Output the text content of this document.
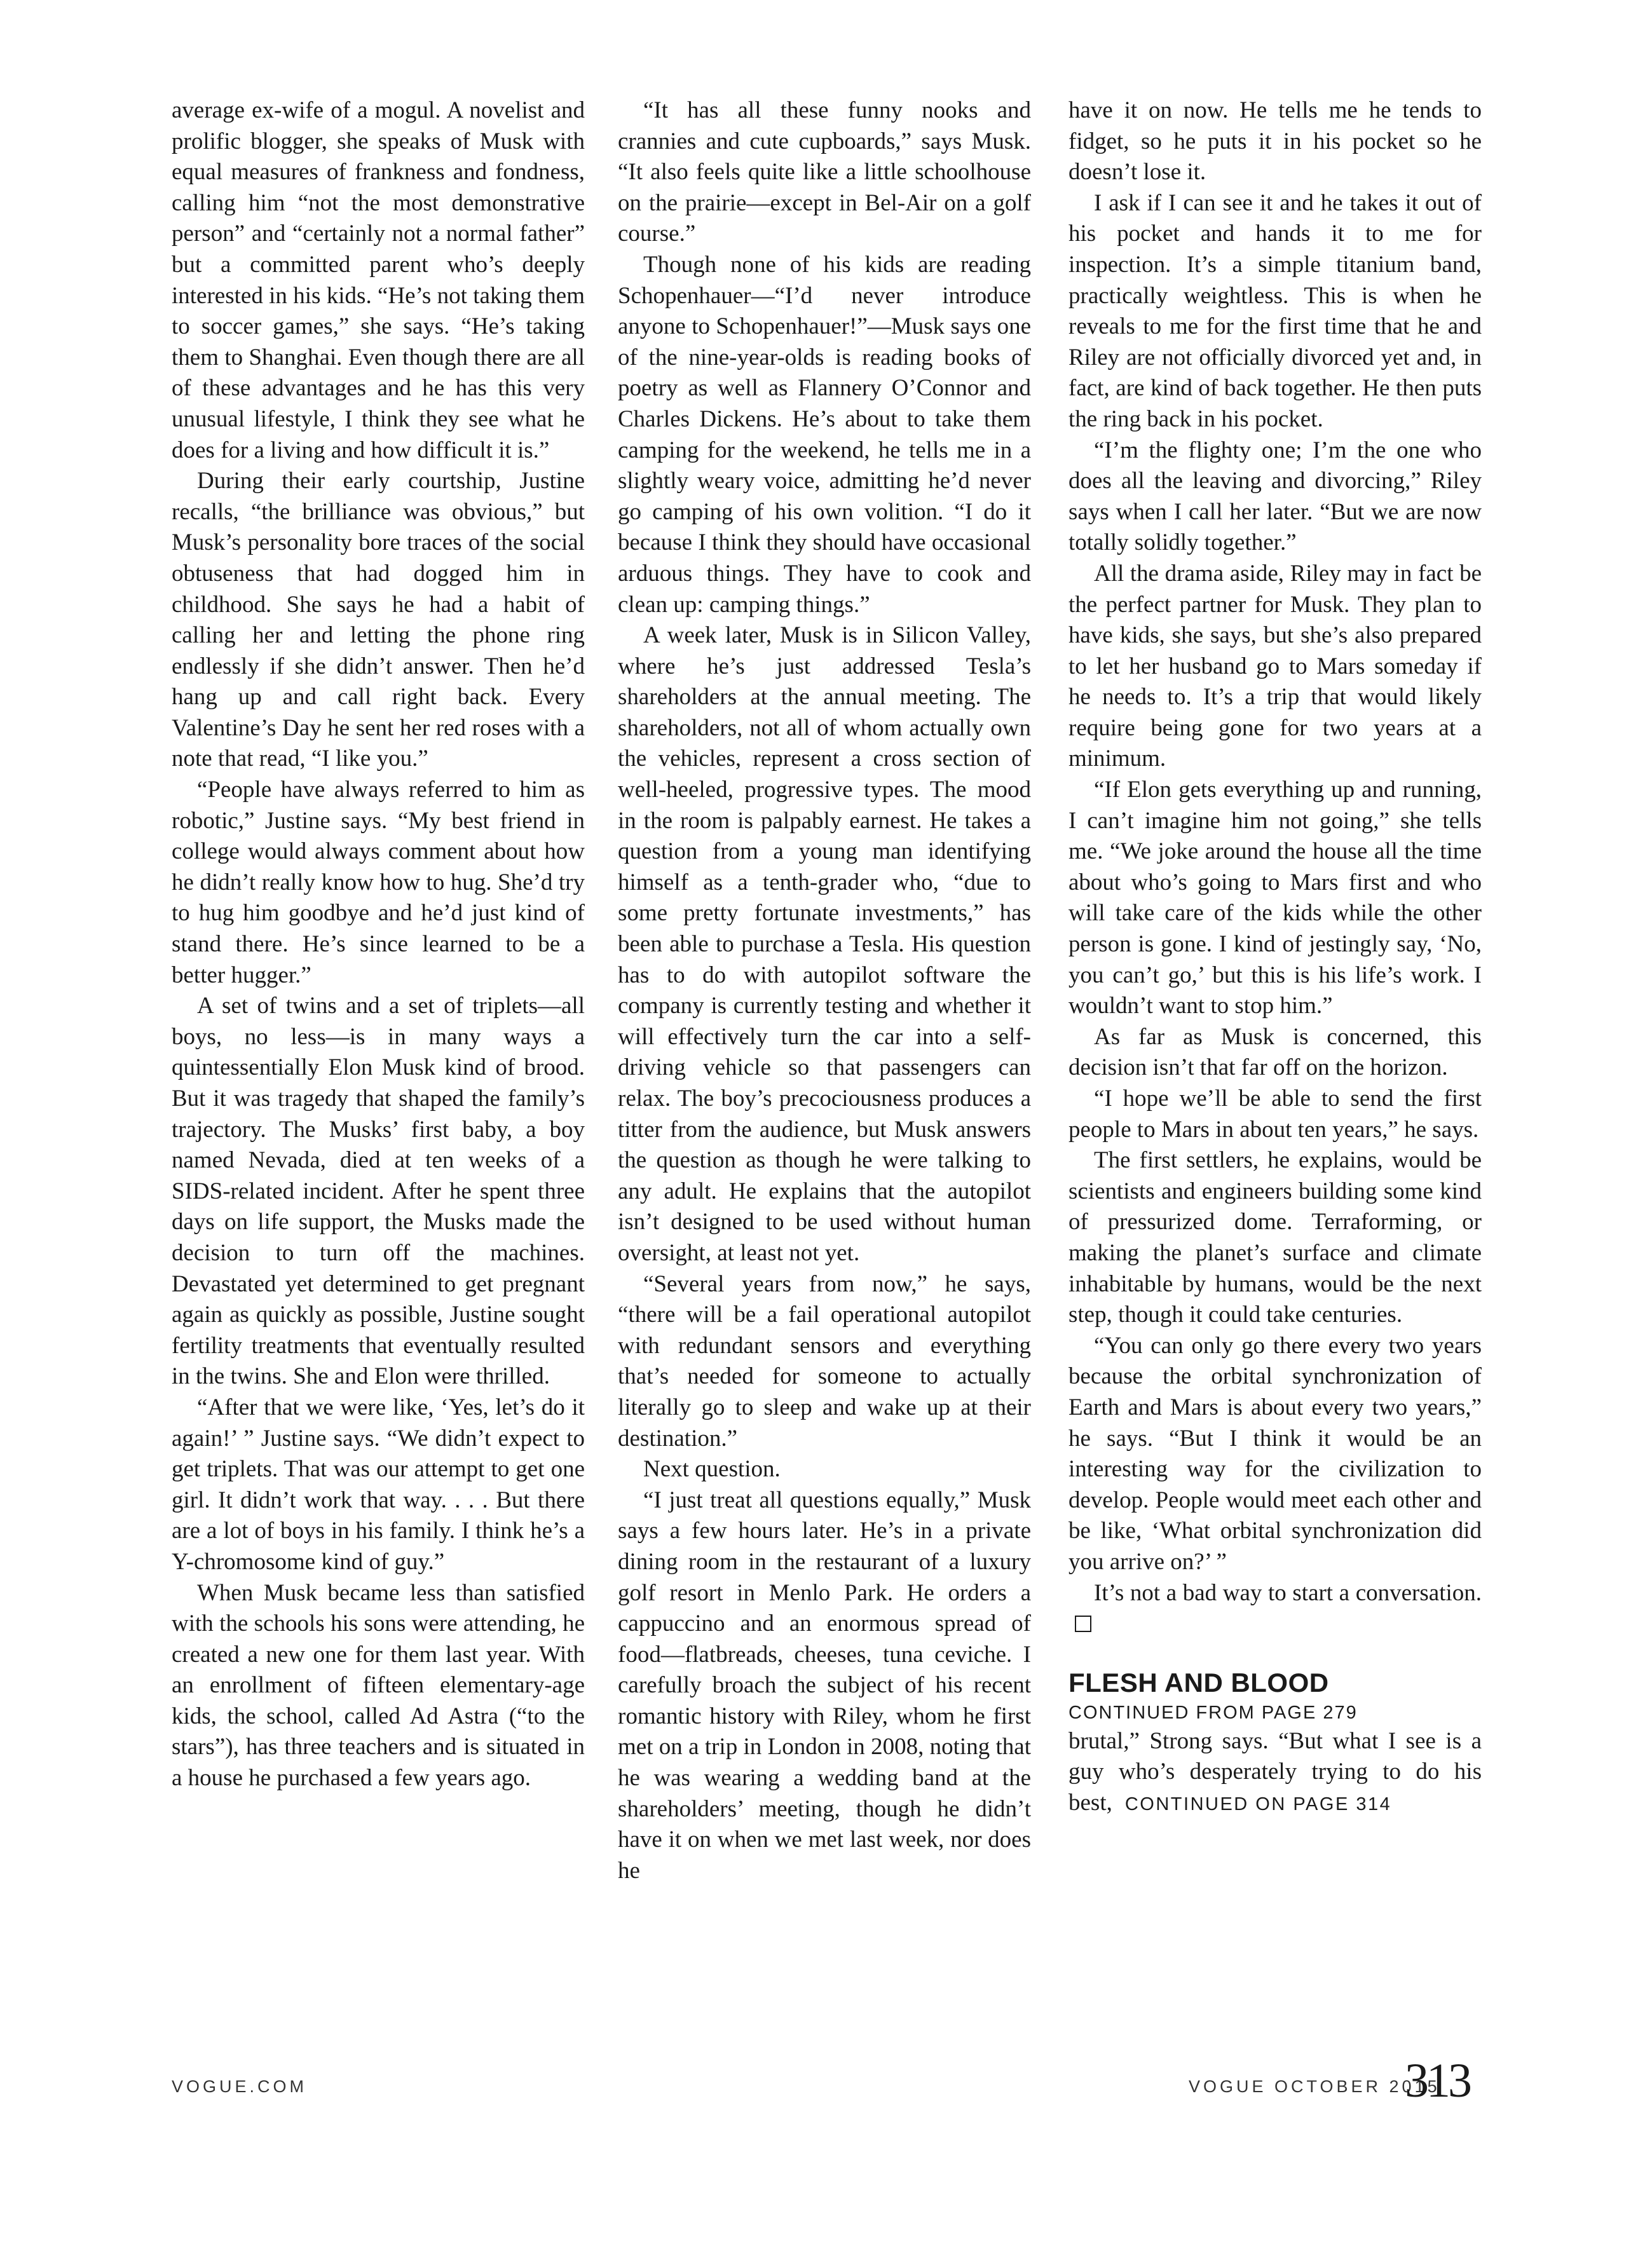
average ex-wife of a mogul. A novelist and prolific blogger, she speaks of Musk with equal measures of frankness and fondness, calling him “not the most demonstrative person” and “certainly not a normal father” but a committed parent who’s deeply interested in his kids. “He’s not taking them to soccer games,” she says. “He’s taking them to Shanghai. Even though there are all of these advantages and he has this very unusual lifestyle, I think they see what he does for a living and how difficult it is.”

During their early courtship, Justine recalls, “the brilliance was obvious,” but Musk’s personality bore traces of the social obtuseness that had dogged him in childhood. She says he had a habit of calling her and letting the phone ring endlessly if she didn’t answer. Then he’d hang up and call right back. Every Valentine’s Day he sent her red roses with a note that read, “I like you.”

“People have always referred to him as robotic,” Justine says. “My best friend in college would always comment about how he didn’t really know how to hug. She’d try to hug him goodbye and he’d just kind of stand there. He’s since learned to be a better hugger.”

A set of twins and a set of triplets—all boys, no less—is in many ways a quintessentially Elon Musk kind of brood. But it was tragedy that shaped the family’s trajectory. The Musks’ first baby, a boy named Nevada, died at ten weeks of a SIDS-related incident. After he spent three days on life support, the Musks made the decision to turn off the machines. Devastated yet determined to get pregnant again as quickly as possible, Justine sought fertility treatments that eventually resulted in the twins. She and Elon were thrilled.

“After that we were like, ‘Yes, let’s do it again!’ ” Justine says. “We didn’t expect to get triplets. That was our attempt to get one girl. It didn’t work that way. . . . But there are a lot of boys in his family. I think he’s a Y-chromosome kind of guy.”

When Musk became less than satisfied with the schools his sons were attending, he created a new one for them last year. With an enrollment of fifteen elementary-age kids, the school, called Ad Astra (“to the stars”), has three teachers and is situated in a house he purchased a few years ago.

“It has all these funny nooks and crannies and cute cupboards,” says Musk. “It also feels quite like a little schoolhouse on the prairie—except in Bel-Air on a golf course.”

Though none of his kids are reading Schopenhauer—“I’d never introduce anyone to Schopenhauer!”—Musk says one of the nine-year-olds is reading books of poetry as well as Flannery O’Connor and Charles Dickens. He’s about to take them camping for the weekend, he tells me in a slightly weary voice, admitting he’d never go camping of his own volition. “I do it because I think they should have occasional arduous things. They have to cook and clean up: camping things.”

A week later, Musk is in Silicon Valley, where he’s just addressed Tesla’s shareholders at the annual meeting. The shareholders, not all of whom actually own the vehicles, represent a cross section of well-heeled, progressive types. The mood in the room is palpably earnest. He takes a question from a young man identifying himself as a tenth-grader who, “due to some pretty fortunate investments,” has been able to purchase a Tesla. His question has to do with autopilot software the company is currently testing and whether it will effectively turn the car into a self-driving vehicle so that passengers can relax. The boy’s precociousness produces a titter from the audience, but Musk answers the question as though he were talking to any adult. He explains that the autopilot isn’t designed to be used without human oversight, at least not yet.

“Several years from now,” he says, “there will be a fail operational autopilot with redundant sensors and everything that’s needed for someone to actually literally go to sleep and wake up at their destination.”

Next question.

“I just treat all questions equally,” Musk says a few hours later. He’s in a private dining room in the restaurant of a luxury golf resort in Menlo Park. He orders a cappuccino and an enormous spread of food—flatbreads, cheeses, tuna ceviche. I carefully broach the subject of his recent romantic history with Riley, whom he first met on a trip in London in 2008, noting that he was wearing a wedding band at the shareholders’ meeting, though he didn’t have it on when we met last week, nor does he

have it on now. He tells me he tends to fidget, so he puts it in his pocket so he doesn’t lose it.

I ask if I can see it and he takes it out of his pocket and hands it to me for inspection. It’s a simple titanium band, practically weightless. This is when he reveals to me for the first time that he and Riley are not officially divorced yet and, in fact, are kind of back together. He then puts the ring back in his pocket.

“I’m the flighty one; I’m the one who does all the leaving and divorcing,” Riley says when I call her later. “But we are now totally solidly together.”

All the drama aside, Riley may in fact be the perfect partner for Musk. They plan to have kids, she says, but she’s also prepared to let her husband go to Mars someday if he needs to. It’s a trip that would likely require being gone for two years at a minimum.

“If Elon gets everything up and running, I can’t imagine him not going,” she tells me. “We joke around the house all the time about who’s going to Mars first and who will take care of the kids while the other person is gone. I kind of jestingly say, ‘No, you can’t go,’ but this is his life’s work. I wouldn’t want to stop him.”

As far as Musk is concerned, this decision isn’t that far off on the horizon.

“I hope we’ll be able to send the first people to Mars in about ten years,” he says.

The first settlers, he explains, would be scientists and engineers building some kind of pressurized dome. Terraforming, or making the planet’s surface and climate inhabitable by humans, would be the next step, though it could take centuries.

“You can only go there every two years because the orbital synchronization of Earth and Mars is about every two years,” he says. “But I think it would be an interesting way for the civilization to develop. People would meet each other and be like, ‘What orbital synchronization did you arrive on?’ ”

It’s not a bad way to start a conversation.

FLESH AND BLOOD
CONTINUED FROM PAGE 279

brutal,” Strong says. “But what I see is a guy who’s desperately trying to do his best, CONTINUED ON PAGE 314

VOGUE.COM	VOGUE OCTOBER 2015
313
